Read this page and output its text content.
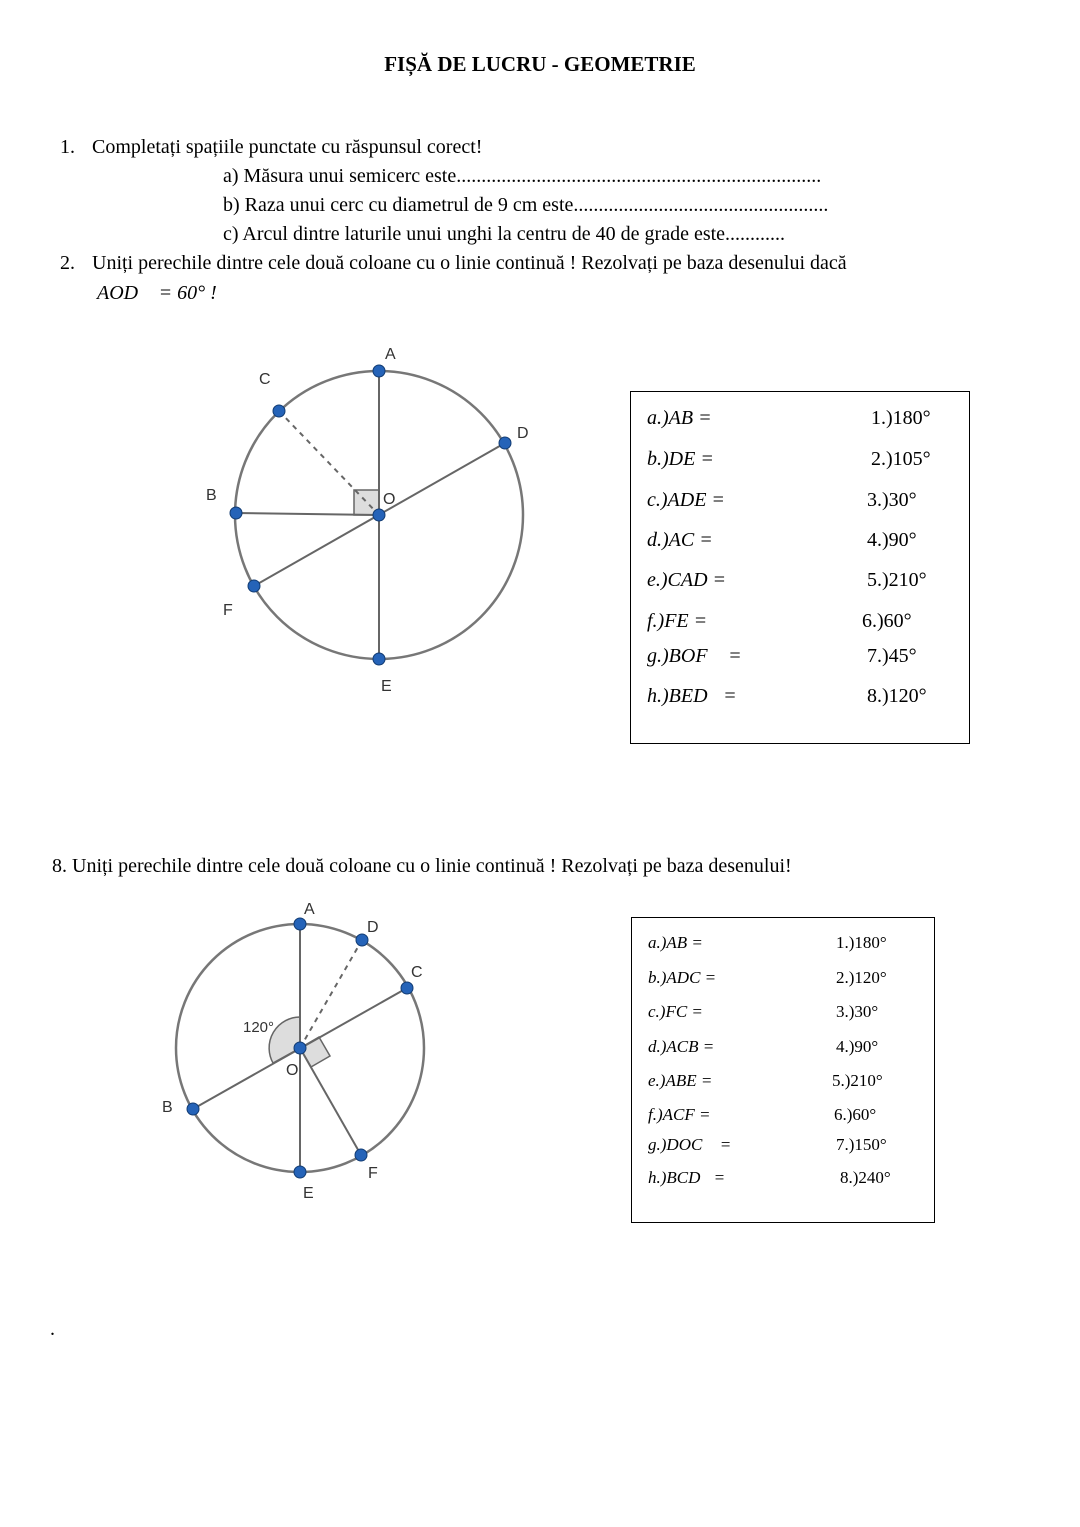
FIȘĂ DE LUCRU - GEOMETRIE
1. Completați spațiile punctate cu răspunsul corect!
a) Măsura unui semicerc este.........................................................................
b) Raza unui cerc cu diametrul de 9 cm este...................................................
c) Arcul dintre laturile unui unghi la centru de 40 de grade este............
2. Uniți perechile dintre cele două coloane cu o linie continuă ! Rezolvați pe baza desenului dacă
AOD⃞ = 60° !
A
C
D
B	O
F
E
A
D
C
120°
O
B
F
E
a.)AB =	1.)180°
b.)DE =	2.)105°
c.)ADE =	3.)30°
d.)AC =	4.)90°
e.)CAD =	5.)210°
f.)FE =	6.)60°
g.)BOF⃞ =	7.)45°
h.)BED⃞=	8.)120°
8. Uniți perechile dintre cele două coloane cu o linie continuă ! Rezolvați pe baza desenului!
a.)AB =	1.)180°
b.)ADC =	2.)120°
c.)FC =	3.)30°
d.)ACB =	4.)90°
e.)ABE =	5.)210°
f.)ACF =	6.)60°
g.)DOC⃞ =	7.)150°
h.)BCD⃞=	8.)240°
.
